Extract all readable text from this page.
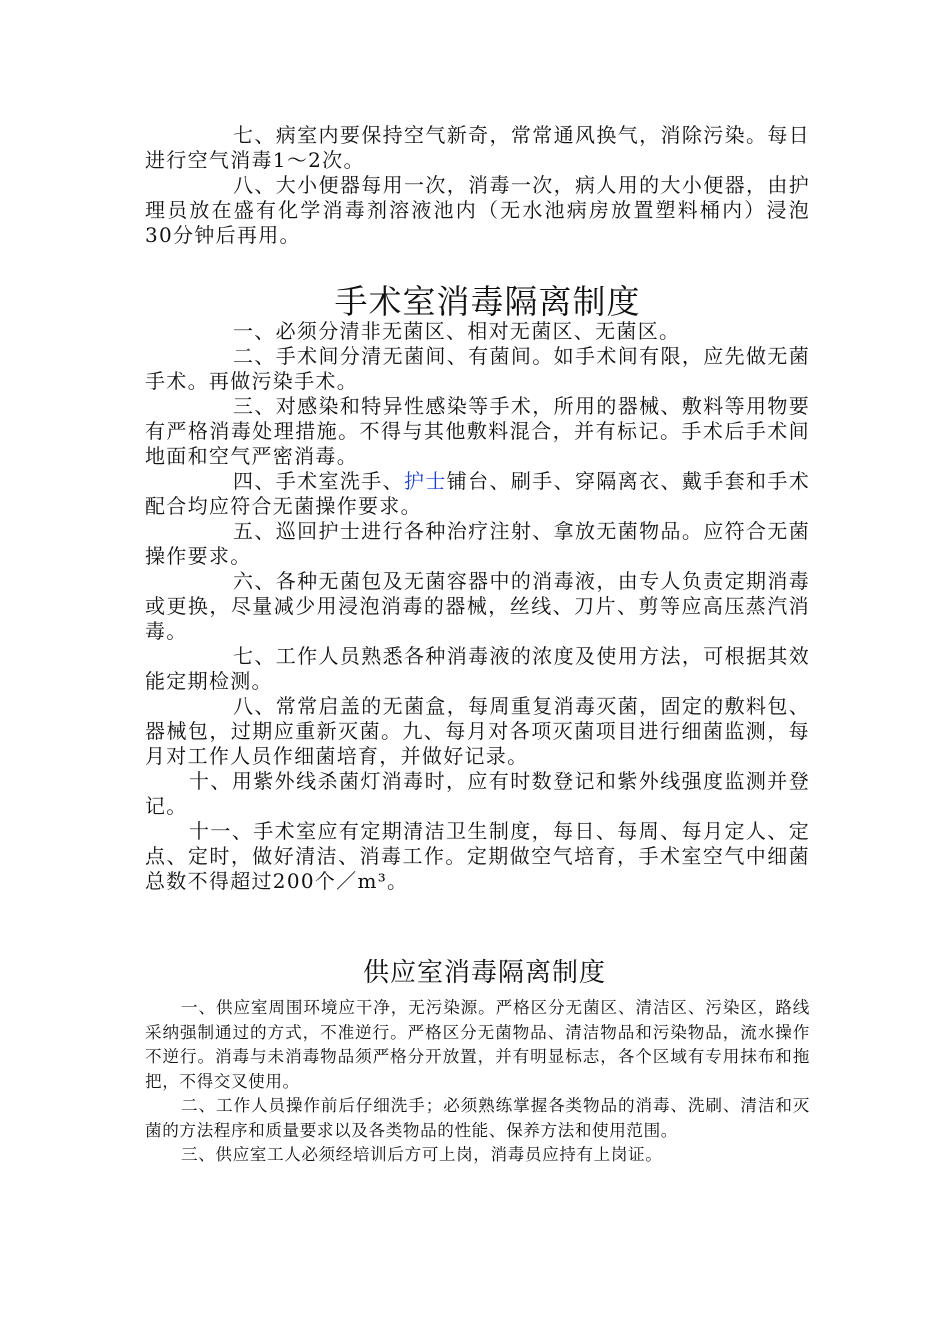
七、病室内要保持空气新奇，常常通风换气，消除污染。每日进行空气消毒1～2次。

八、大小便器每用一次，消毒一次，病人用的大小便器，由护理员放在盛有化学消毒剂溶液池内（无水池病房放置塑料桶内）浸泡30分钟后再用。

手术室消毒隔离制度

一、必须分清非无菌区、相对无菌区、无菌区。

二、手术间分清无菌间、有菌间。如手术间有限，应先做无菌手术。再做污染手术。

三、对感染和特异性感染等手术，所用的器械、敷料等用物要有严格消毒处理措施。不得与其他敷料混合，并有标记。手术后手术间地面和空气严密消毒。

四、手术室洗手、护士铺台、刷手、穿隔离衣、戴手套和手术配合均应符合无菌操作要求。

五、巡回护士进行各种治疗注射、拿放无菌物品。应符合无菌操作要求。

六、各种无菌包及无菌容器中的消毒液，由专人负责定期消毒或更换，尽量减少用浸泡消毒的器械，丝线、刀片、剪等应高压蒸汽消毒。

七、工作人员熟悉各种消毒液的浓度及使用方法，可根据其效能定期检测。

八、常常启盖的无菌盒，每周重复消毒灭菌，固定的敷料包、器械包，过期应重新灭菌。九、每月对各项灭菌项目进行细菌监测，每月对工作人员作细菌培育，并做好记录。

十、用紫外线杀菌灯消毒时，应有时数登记和紫外线强度监测并登记。

十一、手术室应有定期清洁卫生制度，每日、每周、每月定人、定点、定时，做好清洁、消毒工作。定期做空气培育，手术室空气中细菌总数不得超过200个／m³。

供应室消毒隔离制度

一、供应室周围环境应干净，无污染源。严格区分无菌区、清洁区、污染区，路线采纳强制通过的方式，不准逆行。严格区分无菌物品、清洁物品和污染物品，流水操作不逆行。消毒与未消毒物品须严格分开放置，并有明显标志，各个区域有专用抹布和拖把，不得交叉使用。

二、工作人员操作前后仔细洗手；必须熟练掌握各类物品的消毒、洗刷、清洁和灭菌的方法程序和质量要求以及各类物品的性能、保养方法和使用范围。

三、供应室工人必须经培训后方可上岗，消毒员应持有上岗证。
